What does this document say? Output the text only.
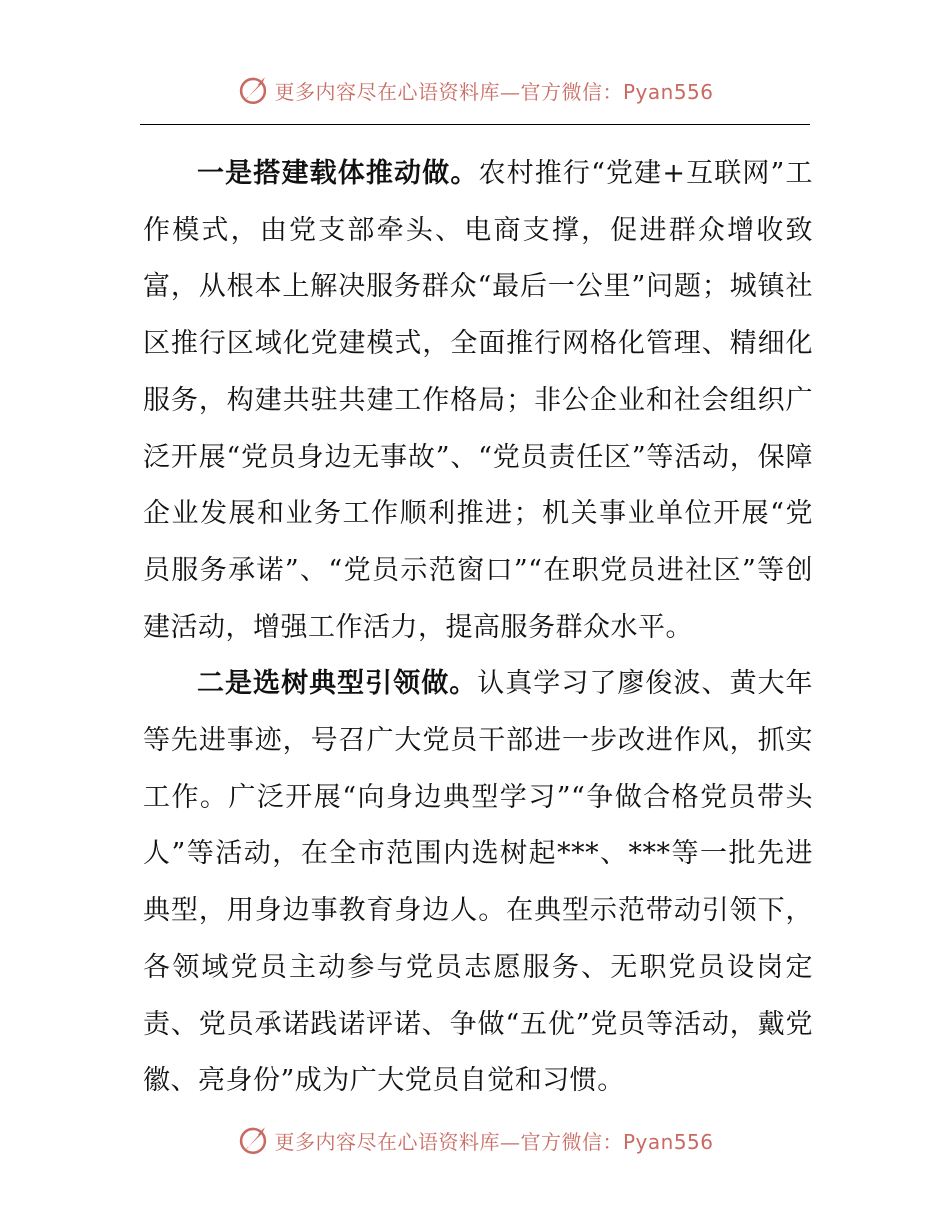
更多内容尽在心语资料库—官方微信：Pyan556

一是搭建载体推动做。农村推行“党建+互联网”工作模式，由党支部牵头、电商支撑，促进群众增收致富，从根本上解决服务群众“最后一公里”问题；城镇社区推行区域化党建模式，全面推行网格化管理、精细化服务，构建共驻共建工作格局；非公企业和社会组织广泛开展“党员身边无事故”、“党员责任区”等活动，保障企业发展和业务工作顺利推进；机关事业单位开展“党员服务承诺”、“党员示范窗口”“在职党员进社区”等创建活动，增强工作活力，提高服务群众水平。

二是选树典型引领做。认真学习了廖俊波、黄大年等先进事迹，号召广大党员干部进一步改进作风，抓实工作。广泛开展“向身边典型学习”“争做合格党员带头人”等活动，在全市范围内选树起***、***等一批先进典型，用身边事教育身边人。在典型示范带动引领下，各领域党员主动参与党员志愿服务、无职党员设岗定责、党员承诺践诺评诺、争做“五优”党员等活动，戴党徽、亮身份”成为广大党员自觉和习惯。

更多内容尽在心语资料库—官方微信：Pyan556
